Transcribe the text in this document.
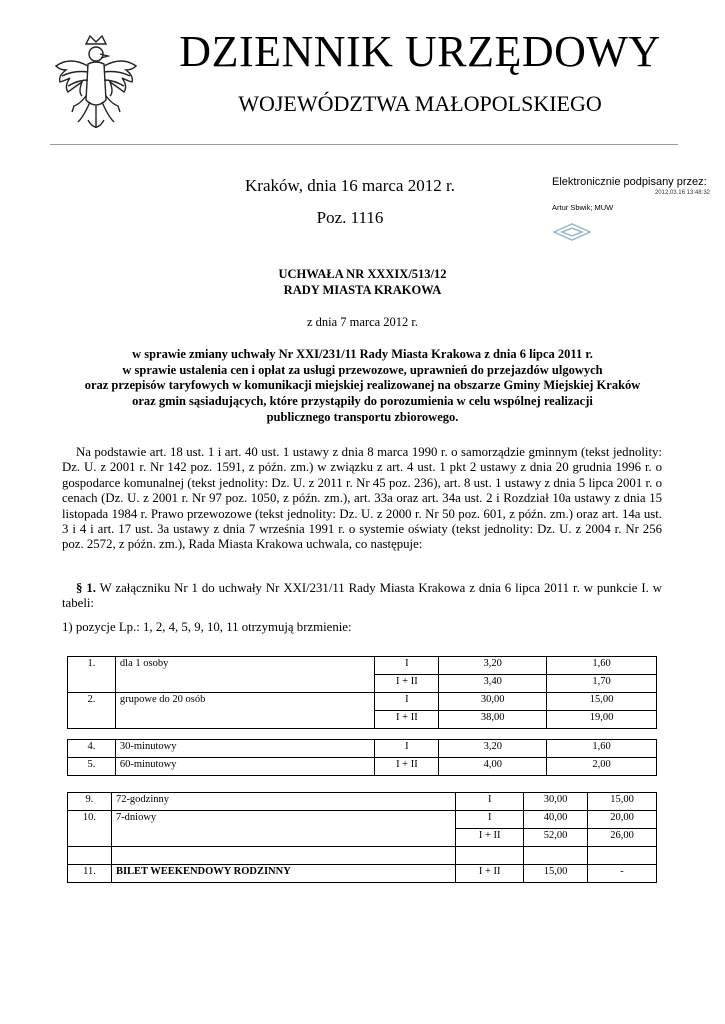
DZIENNIK URZĘDOWY
WOJEWÓDZTWA MAŁOPOLSKIEGO
Kraków, dnia 16 marca 2012 r.
Poz. 1116
Elektronicznie podpisany przez:
2012.03.16 13:48:32
Artur Sbwik; MUW
UCHWAŁA NR XXXIX/513/12
RADY MIASTA KRAKOWA
z dnia 7 marca 2012 r.
w sprawie zmiany uchwały Nr XXI/231/11 Rady Miasta Krakowa z dnia 6 lipca 2011 r.
w sprawie ustalenia cen i opłat za usługi przewozowe, uprawnień do przejazdów ulgowych
oraz przepisów taryfowych w komunikacji miejskiej realizowanej na obszarze Gminy Miejskiej Kraków
oraz gmin sąsiadujących, które przystąpiły do porozumienia w celu wspólnej realizacji
publicznego transportu zbiorowego.
Na podstawie art. 18 ust. 1 i art. 40 ust. 1 ustawy z dnia 8 marca 1990 r. o samorządzie gminnym (tekst jednolity: Dz. U. z 2001 r. Nr 142 poz. 1591, z późn. zm.) w związku z art. 4 ust. 1 pkt 2 ustawy z dnia 20 grudnia 1996 r. o gospodarce komunalnej (tekst jednolity: Dz. U. z 2011 r. Nr 45 poz. 236), art. 8 ust. 1 ustawy z dnia 5 lipca 2001 r. o cenach (Dz. U. z 2001 r. Nr 97 poz. 1050, z późn. zm.), art. 33a oraz art. 34a ust. 2 i Rozdział 10a ustawy z dnia 15 listopada 1984 r. Prawo przewozowe (tekst jednolity: Dz. U. z 2000 r. Nr 50 poz. 601, z późn. zm.) oraz art. 14a ust. 3 i 4 i art. 17 ust. 3a ustawy z dnia 7 września 1991 r. o systemie oświaty (tekst jednolity: Dz. U. z 2004 r. Nr 256 poz. 2572, z późn. zm.), Rada Miasta Krakowa uchwala, co następuje:
§ 1. W załączniku Nr 1 do uchwały Nr XXI/231/11 Rady Miasta Krakowa z dnia 6 lipca 2011 r. w punkcie I. w tabeli:
1) pozycje Lp.: 1, 2, 4, 5, 9, 10, 11 otrzymują brzmienie:
1.	dla 1 osoby	I	3,20	1,60
		I + II	3,40	1,70
2.	grupowe do 20 osób	I	30,00	15,00
		I + II	38,00	19,00
4.	30-minutowy	I	3,20	1,60
5.	60-minutowy	I + II	4,00	2,00
9.	72-godzinny	I	30,00	15,00
10.	7-dniowy	I	40,00	20,00
		I + II	52,00	26,00

11.	BILET WEEKENDOWY RODZINNY	I + II	15,00	-
